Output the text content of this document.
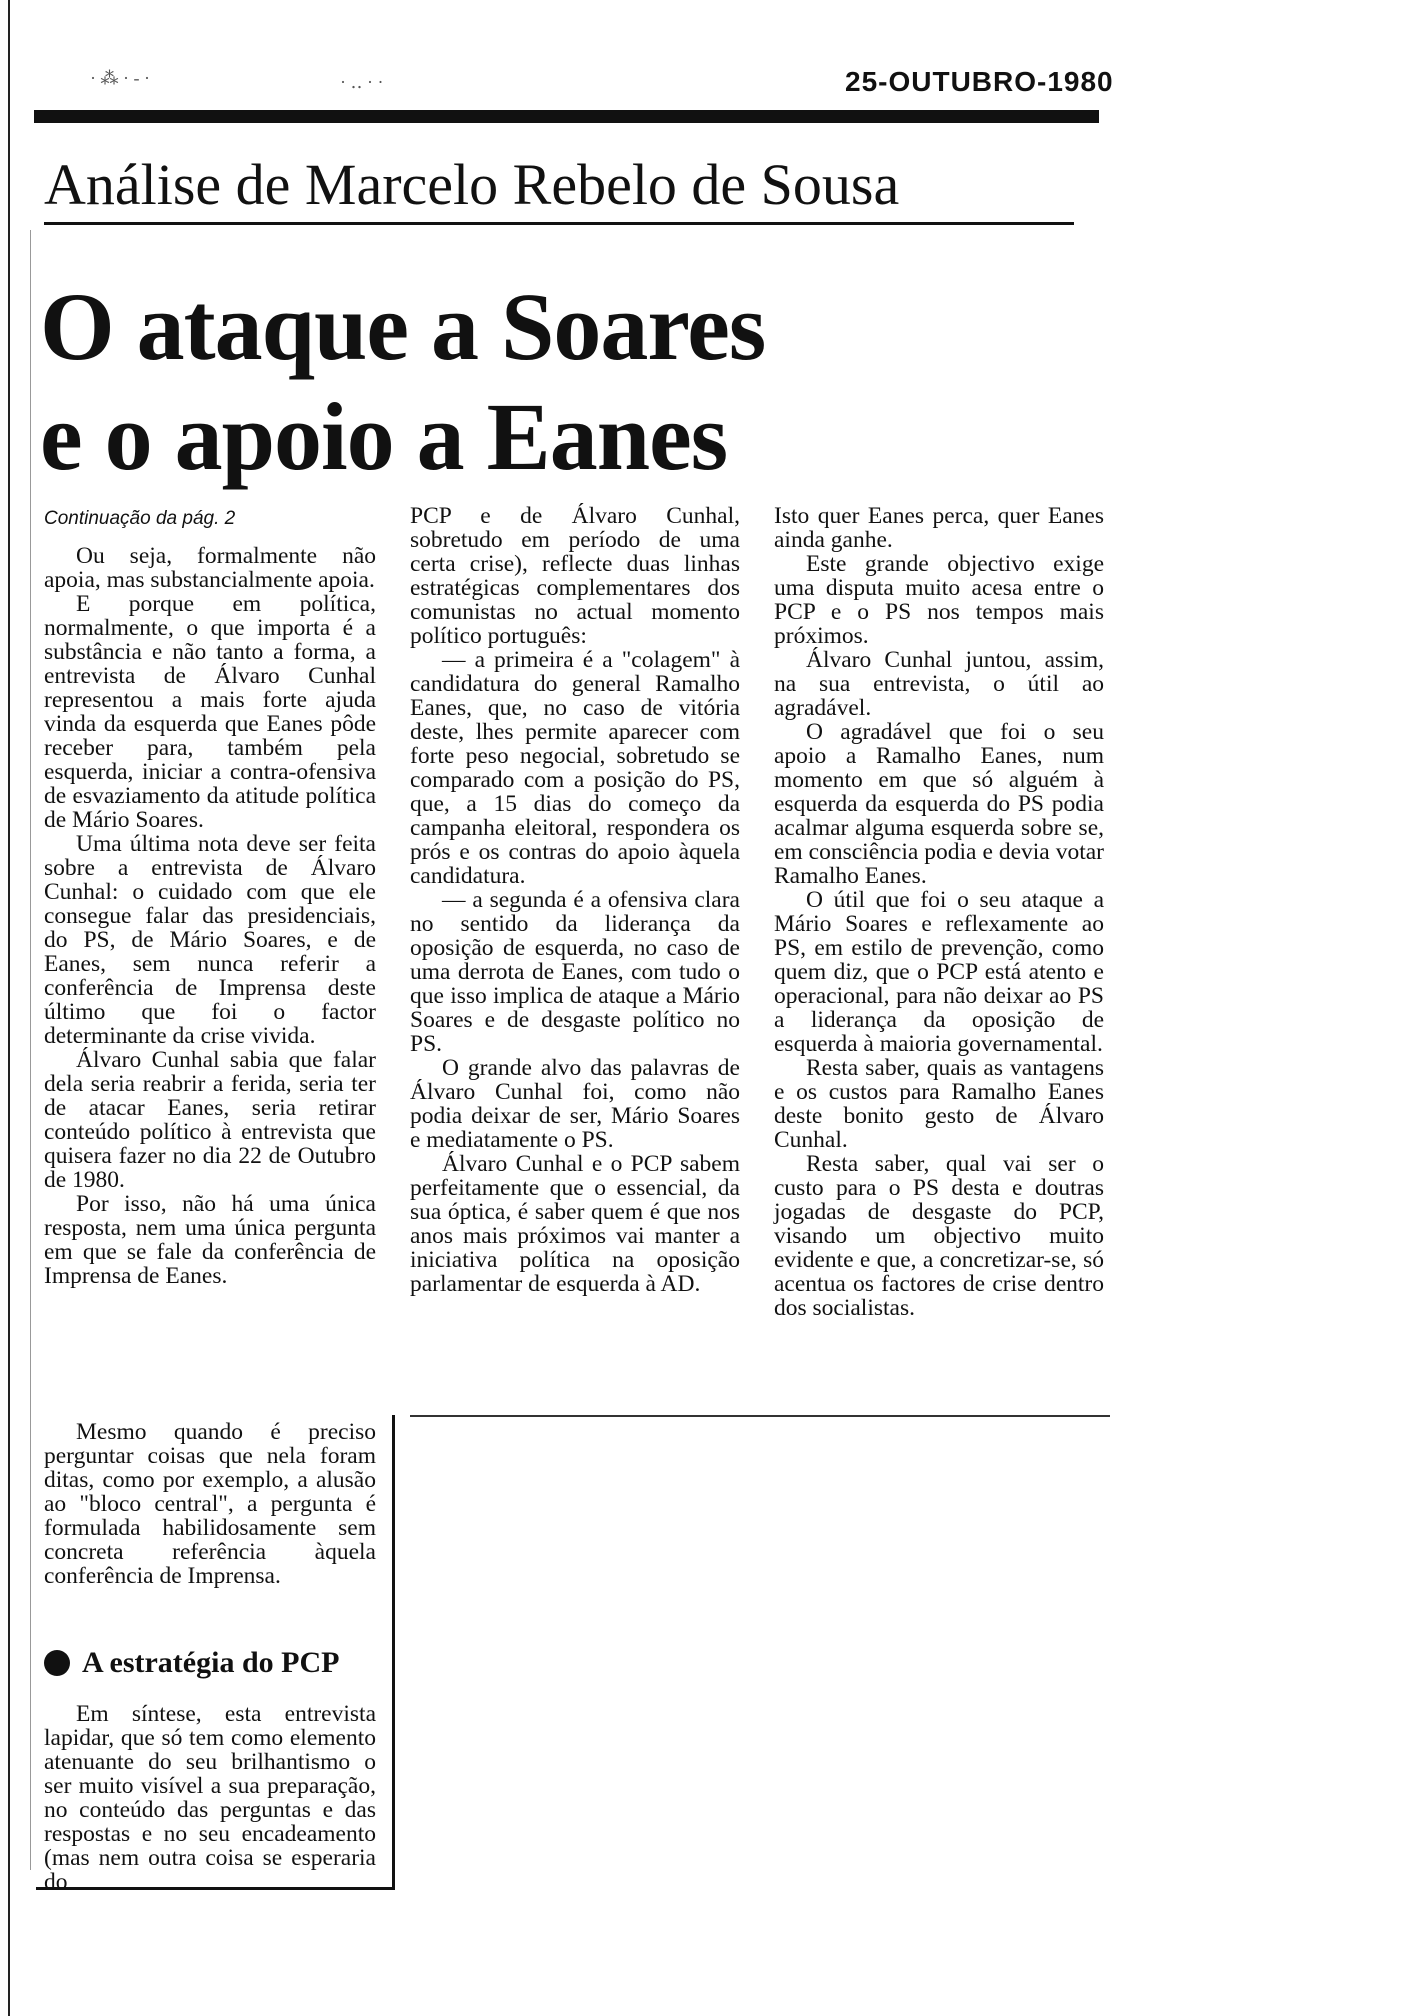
· ⁂ · ‐ ·	· ‥ · ·	25-OUTUBRO-1980
Análise de Marcelo Rebelo de Sousa
O ataque a Soares
e o apoio a Eanes
Continuação da pág. 2

Ou seja, formalmente não apoia, mas substancialmente apoia.

E porque em política, normalmente, o que importa é a substância e não tanto a forma, a entrevista de Álvaro Cunhal representou a mais forte ajuda vinda da esquerda que Eanes pôde receber para, também pela esquerda, iniciar a contra-ofensiva de esvaziamento da atitude política de Mário Soares.

Uma última nota deve ser feita sobre a entrevista de Álvaro Cunhal: o cuidado com que ele consegue falar das presidenciais, do PS, de Mário Soares, e de Eanes, sem nunca referir a conferência de Imprensa deste último que foi o factor determinante da crise vivida.

Álvaro Cunhal sabia que falar dela seria reabrir a ferida, seria ter de atacar Eanes, seria retirar conteúdo político à entrevista que quisera fazer no dia 22 de Outubro de 1980.

Por isso, não há uma única resposta, nem uma única pergunta em que se fale da conferência de Imprensa de Eanes.

Mesmo quando é preciso perguntar coisas que nela foram ditas, como por exemplo, a alusão ao "bloco central", a pergunta é formulada habilidosamente sem concreta referência àquela conferência de Imprensa.

A estratégia do PCP

Em síntese, esta entrevista lapidar, que só tem como elemento atenuante do seu brilhantismo o ser muito visível a sua preparação, no conteúdo das perguntas e das respostas e no seu encadeamento (mas nem outra coisa se esperaria do

PCP e de Álvaro Cunhal, sobretudo em período de uma certa crise), reflecte duas linhas estratégicas complementares dos comunistas no actual momento político português:

— a primeira é a "colagem" à candidatura do general Ramalho Eanes, que, no caso de vitória deste, lhes permite aparecer com forte peso negocial, sobretudo se comparado com a posição do PS, que, a 15 dias do começo da campanha eleitoral, respondera os prós e os contras do apoio àquela candidatura.

— a segunda é a ofensiva clara no sentido da liderança da oposição de esquerda, no caso de uma derrota de Eanes, com tudo o que isso implica de ataque a Mário Soares e de desgaste político no PS.

O grande alvo das palavras de Álvaro Cunhal foi, como não podia deixar de ser, Mário Soares e mediatamente o PS.

Álvaro Cunhal e o PCP sabem perfeitamente que o essencial, da sua óptica, é saber quem é que nos anos mais próximos vai manter a iniciativa política na oposição parlamentar de esquerda à AD.

Isto quer Eanes perca, quer Eanes ainda ganhe.

Este grande objectivo exige uma disputa muito acesa entre o PCP e o PS nos tempos mais próximos.

Álvaro Cunhal juntou, assim, na sua entrevista, o útil ao agradável.

O agradável que foi o seu apoio a Ramalho Eanes, num momento em que só alguém à esquerda da esquerda do PS podia acalmar alguma esquerda sobre se, em consciência podia e devia votar Ramalho Eanes.

O útil que foi o seu ataque a Mário Soares e reflexamente ao PS, em estilo de prevenção, como quem diz, que o PCP está atento e operacional, para não deixar ao PS a liderança da oposição de esquerda à maioria governamental.

Resta saber, quais as vantagens e os custos para Ramalho Eanes deste bonito gesto de Álvaro Cunhal.

Resta saber, qual vai ser o custo para o PS desta e doutras jogadas de desgaste do PCP, visando um objectivo muito evidente e que, a concretizar-se, só acentua os factores de crise dentro dos socialistas.
